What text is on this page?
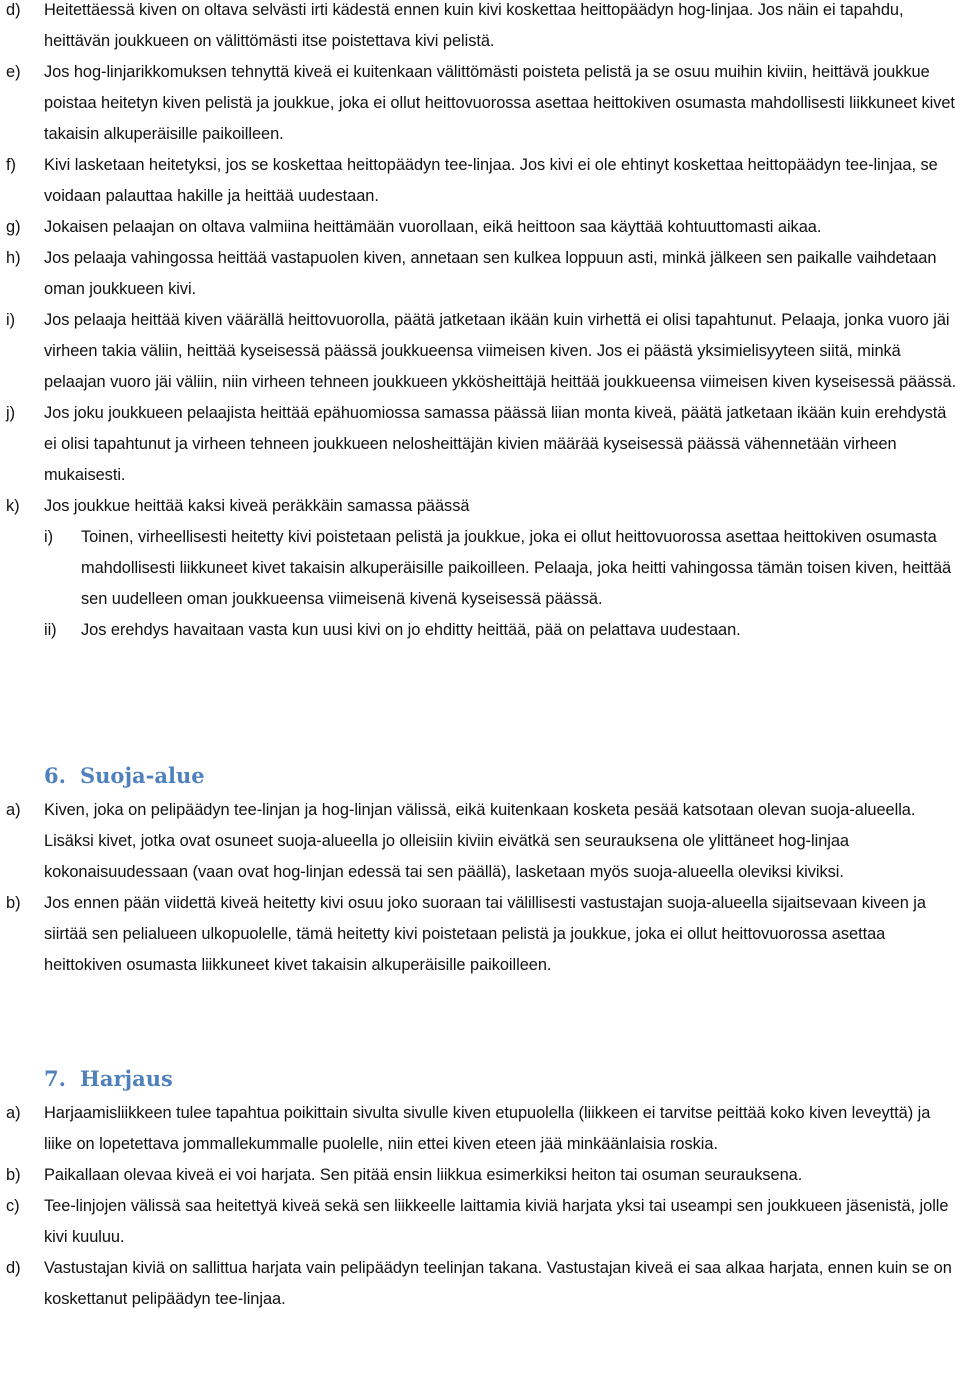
d) Heitettäessä kiven on oltava selvästi irti kädestä ennen kuin kivi koskettaa heittopäädyn hog-linjaa. Jos näin ei tapahdu, heittävän joukkueen on välittömästi itse poistettava kivi pelistä.
e) Jos hog-linjarikkomuksen tehnyttä kiveä ei kuitenkaan välittömästi poisteta pelistä ja se osuu muihin kiviin, heittävä joukkue poistaa heitetyn kiven pelistä ja joukkue, joka ei ollut heittovuorossa asettaa heittokiven osumasta mahdollisesti liikkuneet kivet takaisin alkuperäisille paikoilleen.
f) Kivi lasketaan heitetyksi, jos se koskettaa heittopäädyn tee-linjaa. Jos kivi ei ole ehtinyt koskettaa heittopäädyn tee-linjaa, se voidaan palauttaa hakille ja heittää uudestaan.
g) Jokaisen pelaajan on oltava valmiina heittämään vuorollaan, eikä heittoon saa käyttää kohtuuttomasti aikaa.
h) Jos pelaaja vahingossa heittää vastapuolen kiven, annetaan sen kulkea loppuun asti, minkä jälkeen sen paikalle vaihdetaan oman joukkueen kivi.
i) Jos pelaaja heittää kiven väärällä heittovuorolla, päätä jatketaan ikään kuin virhettä ei olisi tapahtunut. Pelaaja, jonka vuoro jäi virheen takia väliin, heittää kyseisessä päässä joukkueensa viimeisen kiven. Jos ei päästä yksimielisyyteen siitä, minkä pelaajan vuoro jäi väliin, niin virheen tehneen joukkueen ykkösheittäjä heittää joukkueensa viimeisen kiven kyseisessä päässä.
j) Jos joku joukkueen pelaajista heittää epähuomiossa samassa päässä liian monta kiveä, päätä jatketaan ikään kuin erehdystä ei olisi tapahtunut ja virheen tehneen joukkueen nelosheittäjän kivien määrää kyseisessä päässä vähennetään virheen mukaisesti.
k) Jos joukkue heittää kaksi kiveä peräkkäin samassa päässä
i) Toinen, virheellisesti heitetty kivi poistetaan pelistä ja joukkue, joka ei ollut heittovuorossa asettaa heittokiven osumasta mahdollisesti liikkuneet kivet takaisin alkuperäisille paikoilleen. Pelaaja, joka heitti vahingossa tämän toisen kiven, heittää sen uudelleen oman joukkueensa viimeisenä kivenä kyseisessä päässä.
ii) Jos erehdys havaitaan vasta kun uusi kivi on jo ehditty heittää, pää on pelattava uudestaan.
6. Suoja-alue
a) Kiven, joka on pelipäädyn tee-linjan ja hog-linjan välissä, eikä kuitenkaan kosketa pesää katsotaan olevan suoja-alueella. Lisäksi kivet, jotka ovat osuneet suoja-alueella jo olleisiin kiviin eivätkä sen seurauksena ole ylittäneet hog-linjaa kokonaisuudessaan (vaan ovat hog-linjan edessä tai sen päällä), lasketaan myös suoja-alueella oleviksi kiviksi.
b) Jos ennen pään viidettä kiveä heitetty kivi osuu joko suoraan tai välillisesti vastustajan suoja-alueella sijaitsevaan kiveen ja siirtää sen pelialueen ulkopuolelle, tämä heitetty kivi poistetaan pelistä ja joukkue, joka ei ollut heittovuorossa asettaa heittokiven osumasta liikkuneet kivet takaisin alkuperäisille paikoilleen.
7. Harjaus
a) Harjaamisliikkeen tulee tapahtua poikittain sivulta sivulle kiven etupuolella (liikkeen ei tarvitse peittää koko kiven leveyttä) ja liike on lopetettava jommallekummalle puolelle, niin ettei kiven eteen jää minkäänlaisia roskia.
b) Paikallaan olevaa kiveä ei voi harjata. Sen pitää ensin liikkua esimerkiksi heiton tai osuman seurauksena.
c) Tee-linjojen välissä saa heitettyä kiveä sekä sen liikkeelle laittamia kiviä harjata yksi tai useampi sen joukkueen jäsenistä, jolle kivi kuuluu.
d) Vastustajan kiviä on sallittua harjata vain pelipäädyn teelinjan takana. Vastustajan kiveä ei saa alkaa harjata, ennen kuin se on koskettanut pelipäädyn tee-linjaa.
